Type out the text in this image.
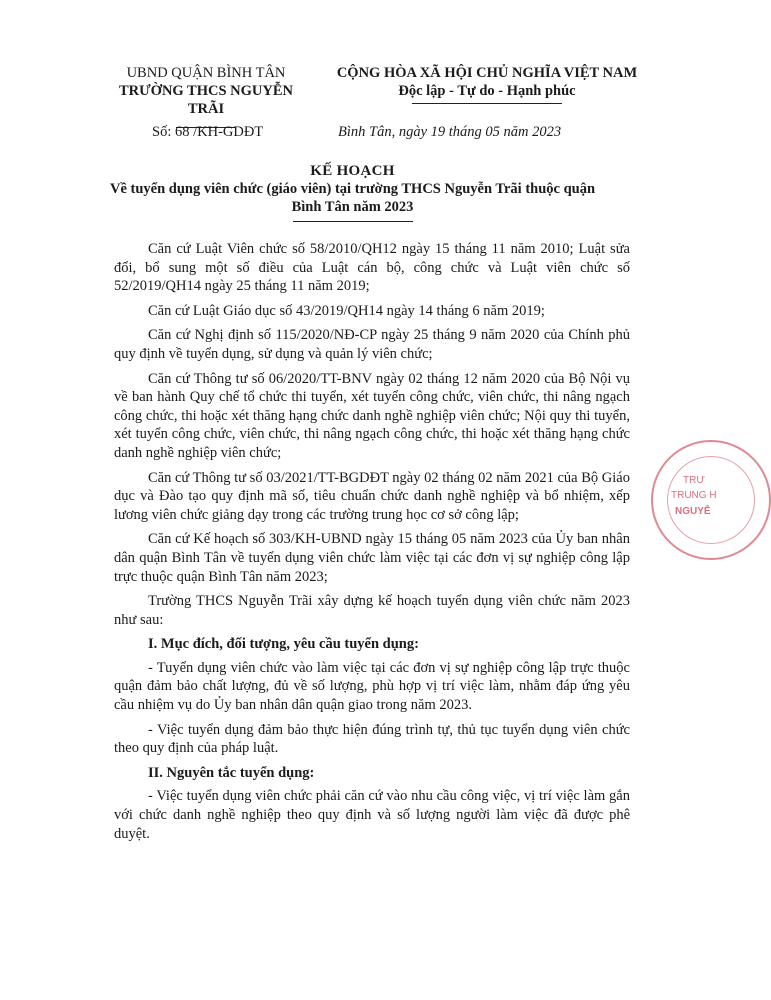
UBND QUẬN BÌNH TÂN
TRƯỜNG THCS NGUYỄN TRÃI
CỘNG HÒA XÃ HỘI CHỦ NGHĨA VIỆT NAM
Độc lập - Tự do - Hạnh phúc
Số: 68 /KH-GDĐT	Bình Tân, ngày 19 tháng 05 năm 2023
KẾ HOẠCH
Về tuyển dụng viên chức (giáo viên) tại trường THCS Nguyễn Trãi thuộc quận
Bình Tân năm 2023

Căn cứ Luật Viên chức số 58/2010/QH12 ngày 15 tháng 11 năm 2010; Luật sửa đổi, bổ sung một số điều của Luật cán bộ, công chức và Luật viên chức số 52/2019/QH14 ngày 25 tháng 11 năm 2019;

Căn cứ Luật Giáo dục số 43/2019/QH14 ngày 14 tháng 6 năm 2019;

Căn cứ Nghị định số 115/2020/NĐ-CP ngày 25 tháng 9 năm 2020 của Chính phủ quy định về tuyển dụng, sử dụng và quản lý viên chức;

Căn cứ Thông tư số 06/2020/TT-BNV ngày 02 tháng 12 năm 2020 của Bộ Nội vụ về ban hành Quy chế tổ chức thi tuyển, xét tuyển công chức, viên chức, thi nâng ngạch công chức, thi hoặc xét thăng hạng chức danh nghề nghiệp viên chức; Nội quy thi tuyển, xét tuyển công chức, viên chức, thi nâng ngạch công chức, thi hoặc xét thăng hạng chức danh nghề nghiệp viên chức;

Căn cứ Thông tư số 03/2021/TT-BGDĐT ngày 02 tháng 02 năm 2021 của Bộ Giáo dục và Đào tạo quy định mã số, tiêu chuẩn chức danh nghề nghiệp và bổ nhiệm, xếp lương viên chức giảng dạy trong các trường trung học cơ sở công lập;

Căn cứ Kế hoạch số 303/KH-UBND ngày 15 tháng 05 năm 2023 của Ủy ban nhân dân quận Bình Tân về tuyển dụng viên chức làm việc tại các đơn vị sự nghiệp công lập trực thuộc quận Bình Tân năm 2023;

Trường THCS Nguyễn Trãi xây dựng kế hoạch tuyển dụng viên chức năm 2023 như sau:

I. Mục đích, đối tượng, yêu cầu tuyển dụng:

- Tuyển dụng viên chức vào làm việc tại các đơn vị sự nghiệp công lập trực thuộc quận đảm bảo chất lượng, đủ về số lượng, phù hợp vị trí việc làm, nhằm đáp ứng yêu cầu nhiệm vụ do Ủy ban nhân dân quận giao trong năm 2023.

- Việc tuyển dụng đảm bảo thực hiện đúng trình tự, thủ tục tuyển dụng viên chức theo quy định của pháp luật.

II. Nguyên tắc tuyển dụng:

- Việc tuyển dụng viên chức phải căn cứ vào nhu cầu công việc, vị trí việc làm gắn với chức danh nghề nghiệp theo quy định và số lượng người làm việc đã được phê duyệt.

TRƯ
TRUNG H
NGUYỄ
